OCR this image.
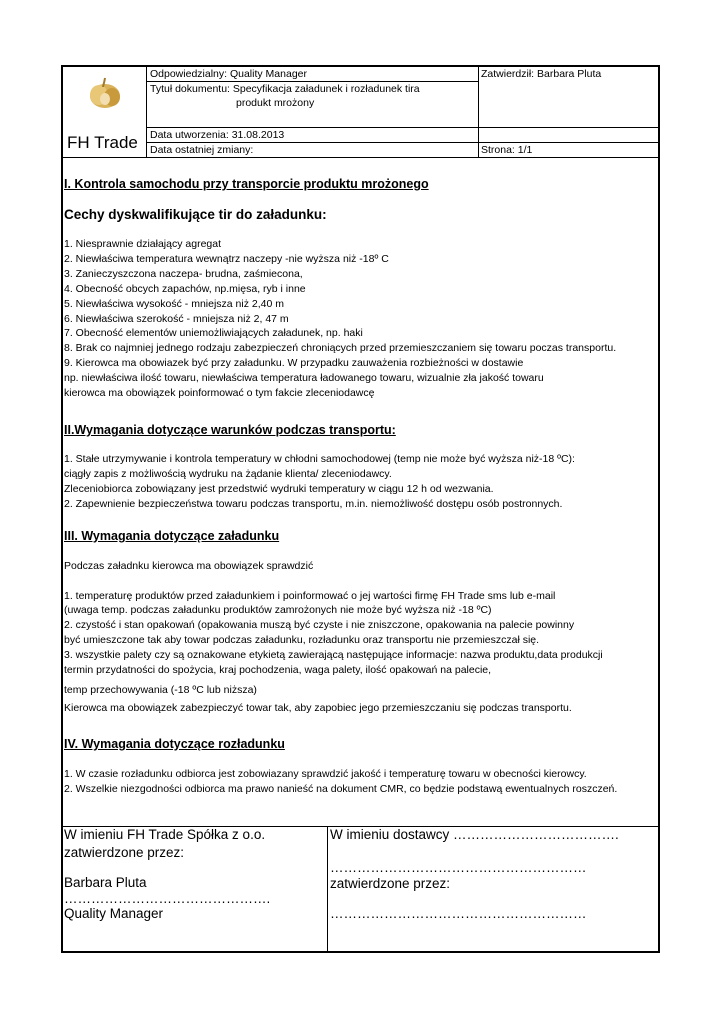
FH Trade
Odpowiedzialny: Quality Manager	Zatwierdził: Barbara Pluta
Tytuł dokumentu: Specyfikacja załadunek i rozładunek tira
produkt mrożony
Data utworzenia: 31.08.2013
Data ostatniej zmiany:	Strona: 1/1
I. Kontrola samochodu przy transporcie produktu mrożonego
Cechy dyskwalifikujące tir do załadunku:
1. Niesprawnie działający agregat
2. Niewłaściwa temperatura wewnątrz naczepy -nie wyższa niż -18º C
3. Zanieczyszczona naczepa- brudna, zaśmiecona,
4. Obecność obcych zapachów, np.mięsa, ryb i inne
5. Niewłaściwa wysokość - mniejsza niż 2,40 m
6. Niewłaściwa szerokość - mniejsza niż 2, 47 m
7. Obecność elementów uniemożliwiających załadunek, np. haki
8. Brak co najmniej jednego rodzaju zabezpieczeń chroniących przed przemieszczaniem się towaru poczas transportu.
9. Kierowca ma obowiazek być przy załadunku. W przypadku zauważenia rozbieżności w dostawie
np. niewłaściwa ilość towaru, niewłaściwa temperatura ładowanego towaru, wizualnie zła jakość towaru
kierowca ma obowiązek poinformować o tym fakcie zleceniodawcę
II.Wymagania dotyczące warunków podczas transportu:
1. Stałe utrzymywanie i kontrola temperatury w chłodni samochodowej (temp nie może być wyższa niż-18 ºC):
ciągły zapis z możliwością wydruku na żądanie klienta/ zleceniodawcy.
Zleceniobiorca zobowiązany jest przedstwić wydruki temperatury w ciągu 12 h od wezwania.
2. Zapewnienie bezpieczeństwa towaru podczas transportu, m.in. niemożliwość dostępu osób postronnych.
III. Wymagania dotyczące załadunku
Podczas załadnku kierowca ma obowiązek sprawdzić
1. temperaturę produktów przed załadunkiem i poinformować o jej wartości firmę FH Trade sms lub e-mail
(uwaga temp. podczas załadunku produktów zamrożonych nie może być wyższa niż -18 ºC)
2. czystość i stan opakowań (opakowania muszą być czyste i nie zniszczone, opakowania na palecie powinny
być umieszczone tak aby towar podczas załadunku, rozładunku oraz transportu nie przemieszczał się.
3. wszystkie palety czy są oznakowane etykietą zawierającą następujące informacje: nazwa produktu,data produkcji
termin przydatności do spożycia, kraj pochodzenia, waga palety, ilość opakowań na palecie,
temp przechowywania (-18 ºC lub niższa)
Kierowca ma obowiązek zabezpieczyć towar tak, aby zapobiec jego przemieszczaniu się podczas transportu.
IV. Wymagania dotyczące rozładunku
1. W czasie rozładunku odbiorca jest zobowiazany sprawdzić jakość i temperaturę towaru w obecności kierowcy.
2. Wszelkie niezgodności odbiorca ma prawo nanieść na dokument CMR, co będzie podstawą ewentualnych roszczeń.
W imieniu FH Trade Spółka z o.o.
zatwierdzone przez:
Barbara Pluta
……………………………………….
Quality Manager
W imieniu dostawcy ……………………………….
…………………………………………………
zatwierdzone przez:
…………………………………………………
